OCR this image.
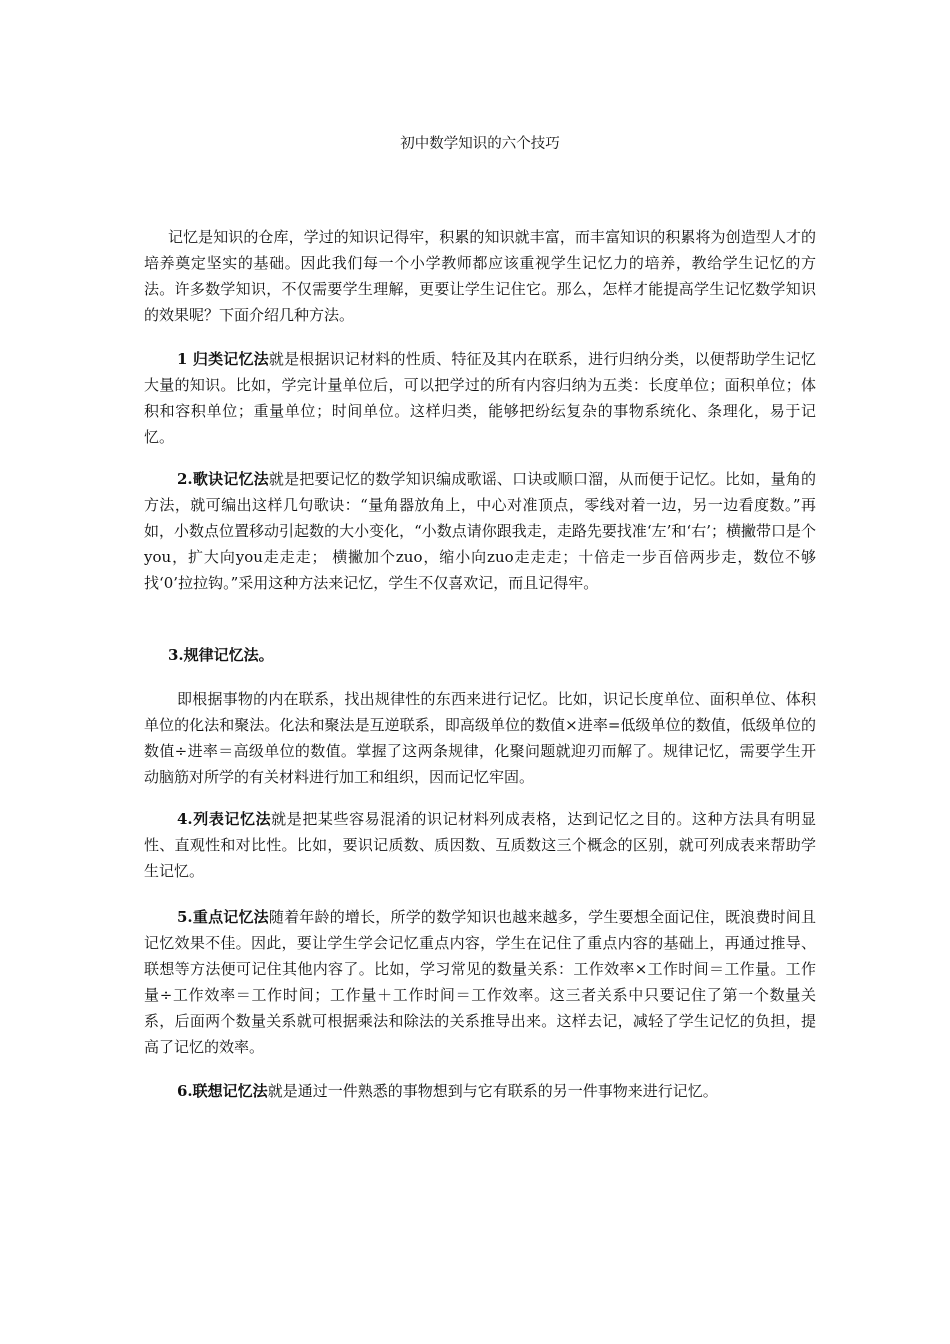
初中数学知识的六个技巧

记忆是知识的仓库，学过的知识记得牢，积累的知识就丰富，而丰富知识的积累将为创造型人才的培养奠定坚实的基础。因此我们每一个小学教师都应该重视学生记忆力的培养，教给学生记忆的方法。许多数学知识，不仅需要学生理解，更要让学生记住它。那么，怎样才能提高学生记忆数学知识的效果呢？下面介绍几种方法。

1 归类记忆法就是根据识记材料的性质、特征及其内在联系，进行归纳分类，以便帮助学生记忆大量的知识。比如，学完计量单位后，可以把学过的所有内容归纳为五类：长度单位；面积单位；体积和容积单位；重量单位；时间单位。这样归类，能够把纷纭复杂的事物系统化、条理化，易于记忆。

2.歌诀记忆法就是把要记忆的数学知识编成歌谣、口诀或顺口溜，从而便于记忆。比如，量角的方法，就可编出这样几句歌诀：“量角器放角上，中心对准顶点，零线对着一边，另一边看度数。”再如，小数点位置移动引起数的大小变化，“小数点请你跟我走，走路先要找准‘左’和‘右’；横撇带口是个you，扩大向you走走走； 横撇加个zuo，缩小向zuo走走走；十倍走一步百倍两步走，数位不够找‘0’拉拉钩。”采用这种方法来记忆，学生不仅喜欢记，而且记得牢。

3.规律记忆法。

即根据事物的内在联系，找出规律性的东西来进行记忆。比如，识记长度单位、面积单位、体积单位的化法和聚法。化法和聚法是互逆联系，即高级单位的数值×进率=低级单位的数值，低级单位的数值÷进率＝高级单位的数值。掌握了这两条规律，化聚问题就迎刃而解了。规律记忆，需要学生开动脑筋对所学的有关材料进行加工和组织，因而记忆牢固。

4.列表记忆法就是把某些容易混淆的识记材料列成表格，达到记忆之目的。这种方法具有明显性、直观性和对比性。比如，要识记质数、质因数、互质数这三个概念的区别，就可列成表来帮助学生记忆。

5.重点记忆法随着年龄的增长，所学的数学知识也越来越多，学生要想全面记住，既浪费时间且记忆效果不佳。因此，要让学生学会记忆重点内容，学生在记住了重点内容的基础上，再通过推导、联想等方法便可记住其他内容了。比如，学习常见的数量关系：工作效率×工作时间＝工作量。工作量÷工作效率＝工作时间；工作量＋工作时间＝工作效率。这三者关系中只要记住了第一个数量关系，后面两个数量关系就可根据乘法和除法的关系推导出来。这样去记，减轻了学生记忆的负担，提高了记忆的效率。

6.联想记忆法就是通过一件熟悉的事物想到与它有联系的另一件事物来进行记忆。
